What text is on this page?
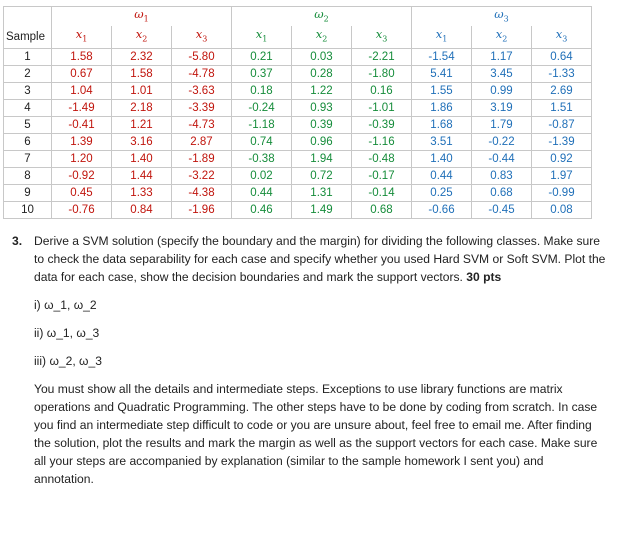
	$\omega_1$			$\omega_2$			$\omega_3$
Sample	$x_1$	$x_2$	$x_3$	$x_1$	$x_2$	$x_3$	$x_1$	$x_2$	$x_3$
1	1.58	2.32	-5.80	0.21	0.03	-2.21	-1.54	1.17	0.64
2	0.67	1.58	-4.78	0.37	0.28	-1.80	5.41	3.45	-1.33
3	1.04	1.01	-3.63	0.18	1.22	0.16	1.55	0.99	2.69
4	-1.49	2.18	-3.39	-0.24	0.93	-1.01	1.86	3.19	1.51
5	-0.41	1.21	-4.73	-1.18	0.39	-0.39	1.68	1.79	-0.87
6	1.39	3.16	2.87	0.74	0.96	-1.16	3.51	-0.22	-1.39
7	1.20	1.40	-1.89	-0.38	1.94	-0.48	1.40	-0.44	0.92
8	-0.92	1.44	-3.22	0.02	0.72	-0.17	0.44	0.83	1.97
9	0.45	1.33	-4.38	0.44	1.31	-0.14	0.25	0.68	-0.99
10	-0.76	0.84	-1.96	0.46	1.49	0.68	-0.66	-0.45	0.08
3. Derive a SVM solution (specify the boundary and the margin) for dividing the following classes. Make sure to check the data separability for each case and specify whether you used Hard SVM or Soft SVM. Plot the data for each case, show the decision boundaries and mark the support vectors. 30 pts
i) ω_1, ω_2
ii) ω_1, ω_3
iii) ω_2, ω_3
You must show all the details and intermediate steps. Exceptions to use library functions are matrix operations and Quadratic Programming. The other steps have to be done by coding from scratch. In case you find an intermediate step difficult to code or you are unsure about, feel free to email me. After finding the solution, plot the results and mark the margin as well as the support vectors for each case. Make sure all your steps are accompanied by explanation (similar to the sample homework I sent you) and annotation.
